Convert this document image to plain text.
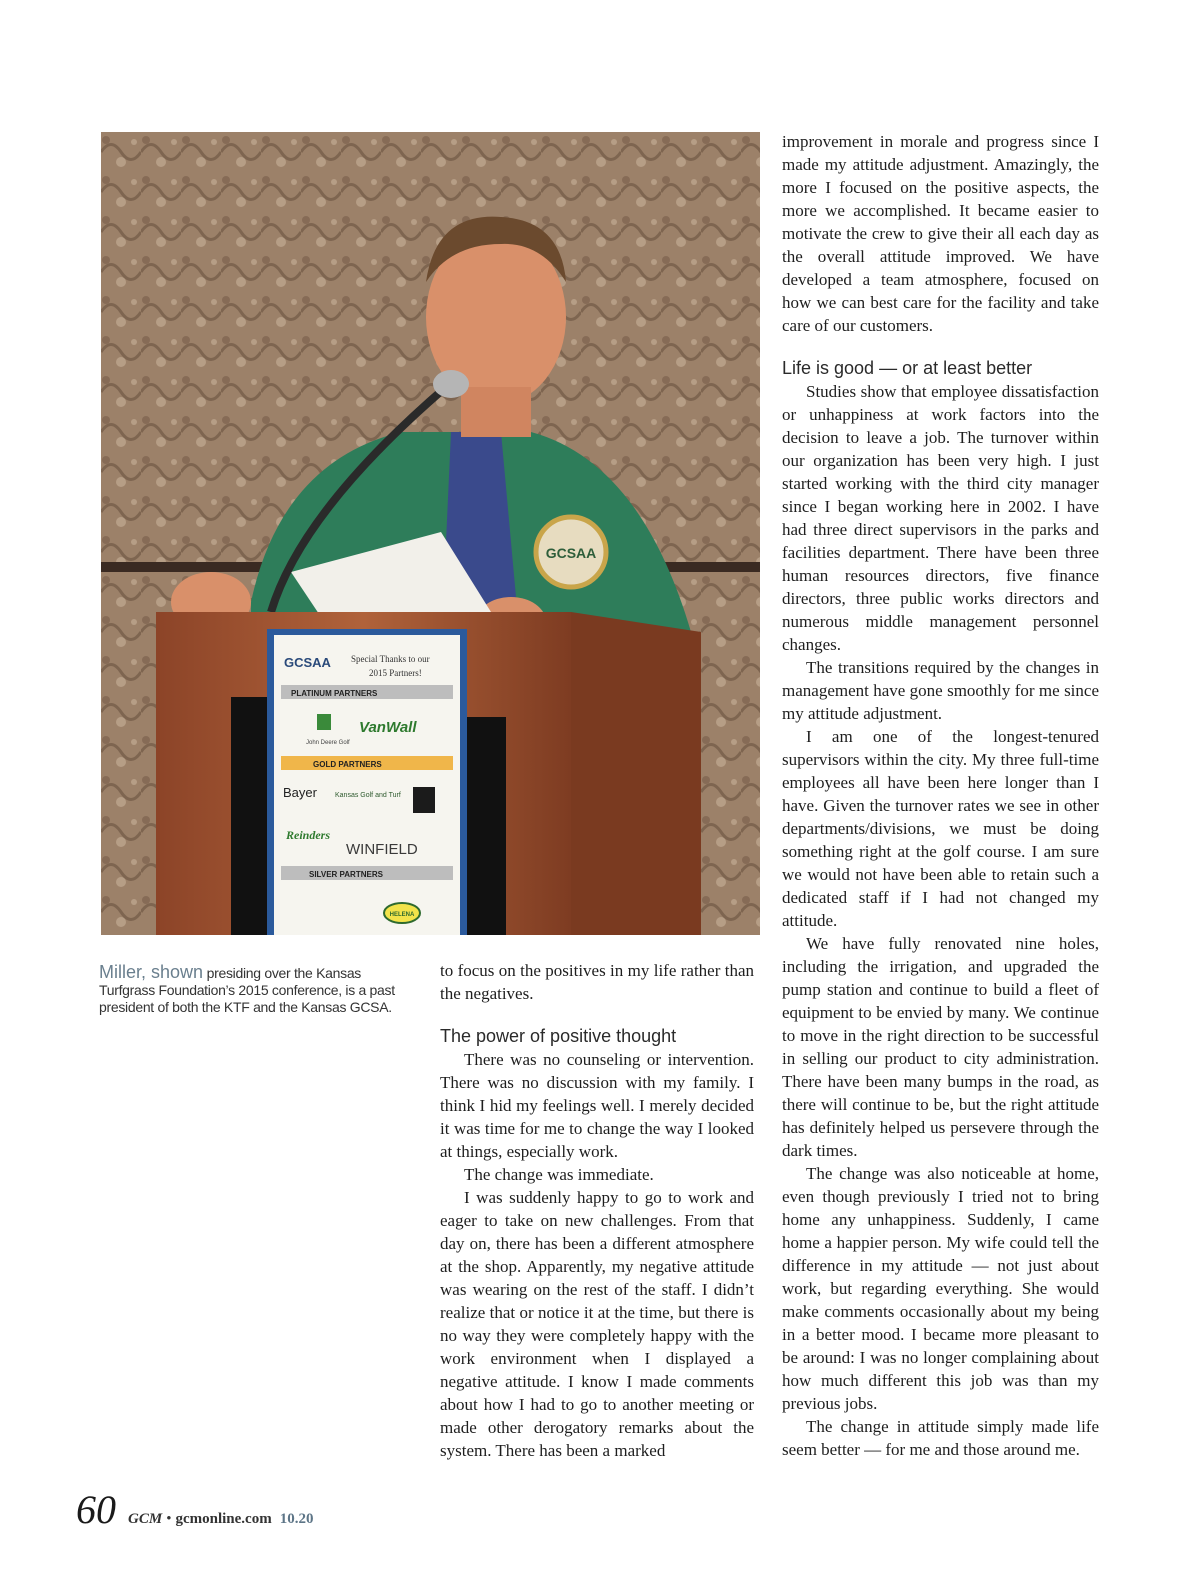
GCSAA
GCSAA Special Thanks to our
2015 Partners!
PLATINUM PARTNERS
John Deere Golf
VanWall
GOLD PARTNERS
Bayer	Kansas Golf and Turf
Reinders
WINFIELD
SILVER PARTNERS
HELENA
Miller, shown presiding over the Kansas Turfgrass Foundation’s 2015 conference, is a past president of both the KTF and the Kansas GCSA.

to focus on the positives in my life rather than the negatives.

The power of positive thought

There was no counseling or intervention. There was no discussion with my family. I think I hid my feelings well. I merely decided it was time for me to change the way I looked at things, especially work.

The change was immediate.

I was suddenly happy to go to work and eager to take on new challenges. From that day on, there has been a different atmosphere at the shop. Apparently, my negative attitude was wearing on the rest of the staff. I didn’t realize that or notice it at the time, but there is no way they were completely happy with the work environment when I displayed a negative attitude. I know I made comments about how I had to go to another meeting or made other derogatory remarks about the system. There has been a marked

improvement in morale and progress since I made my attitude adjustment. Amazingly, the more I focused on the positive aspects, the more we accomplished. It became easier to motivate the crew to give their all each day as the overall attitude improved. We have developed a team atmosphere, focused on how we can best care for the facility and take care of our customers.

Life is good — or at least better

Studies show that employee dissatisfaction or unhappiness at work factors into the decision to leave a job. The turnover within our organization has been very high. I just started working with the third city manager since I began working here in 2002. I have had three direct supervisors in the parks and facilities department. There have been three human resources directors, five finance directors, three public works directors and numerous middle management personnel changes.

The transitions required by the changes in management have gone smoothly for me since my attitude adjustment.

I am one of the longest-tenured supervisors within the city. My three full-time employees all have been here longer than I have. Given the turnover rates we see in other departments/divisions, we must be doing something right at the golf course. I am sure we would not have been able to retain such a dedicated staff if I had not changed my attitude.

We have fully renovated nine holes, including the irrigation, and upgraded the pump station and continue to build a fleet of equipment to be envied by many. We continue to move in the right direction to be successful in selling our product to city administration. There have been many bumps in the road, as there will continue to be, but the right attitude has definitely helped us persevere through the dark times.

The change was also noticeable at home, even though previously I tried not to bring home any unhappiness. Suddenly, I came home a happier person. My wife could tell the difference in my attitude — not just about work, but regarding everything. She would make comments occasionally about my being in a better mood. I became more pleasant to be around: I was no longer complaining about how much different this job was than my previous jobs.

The change in attitude simply made life seem better — for me and those around me.

60 GCM • gcmonline.com 10.20
